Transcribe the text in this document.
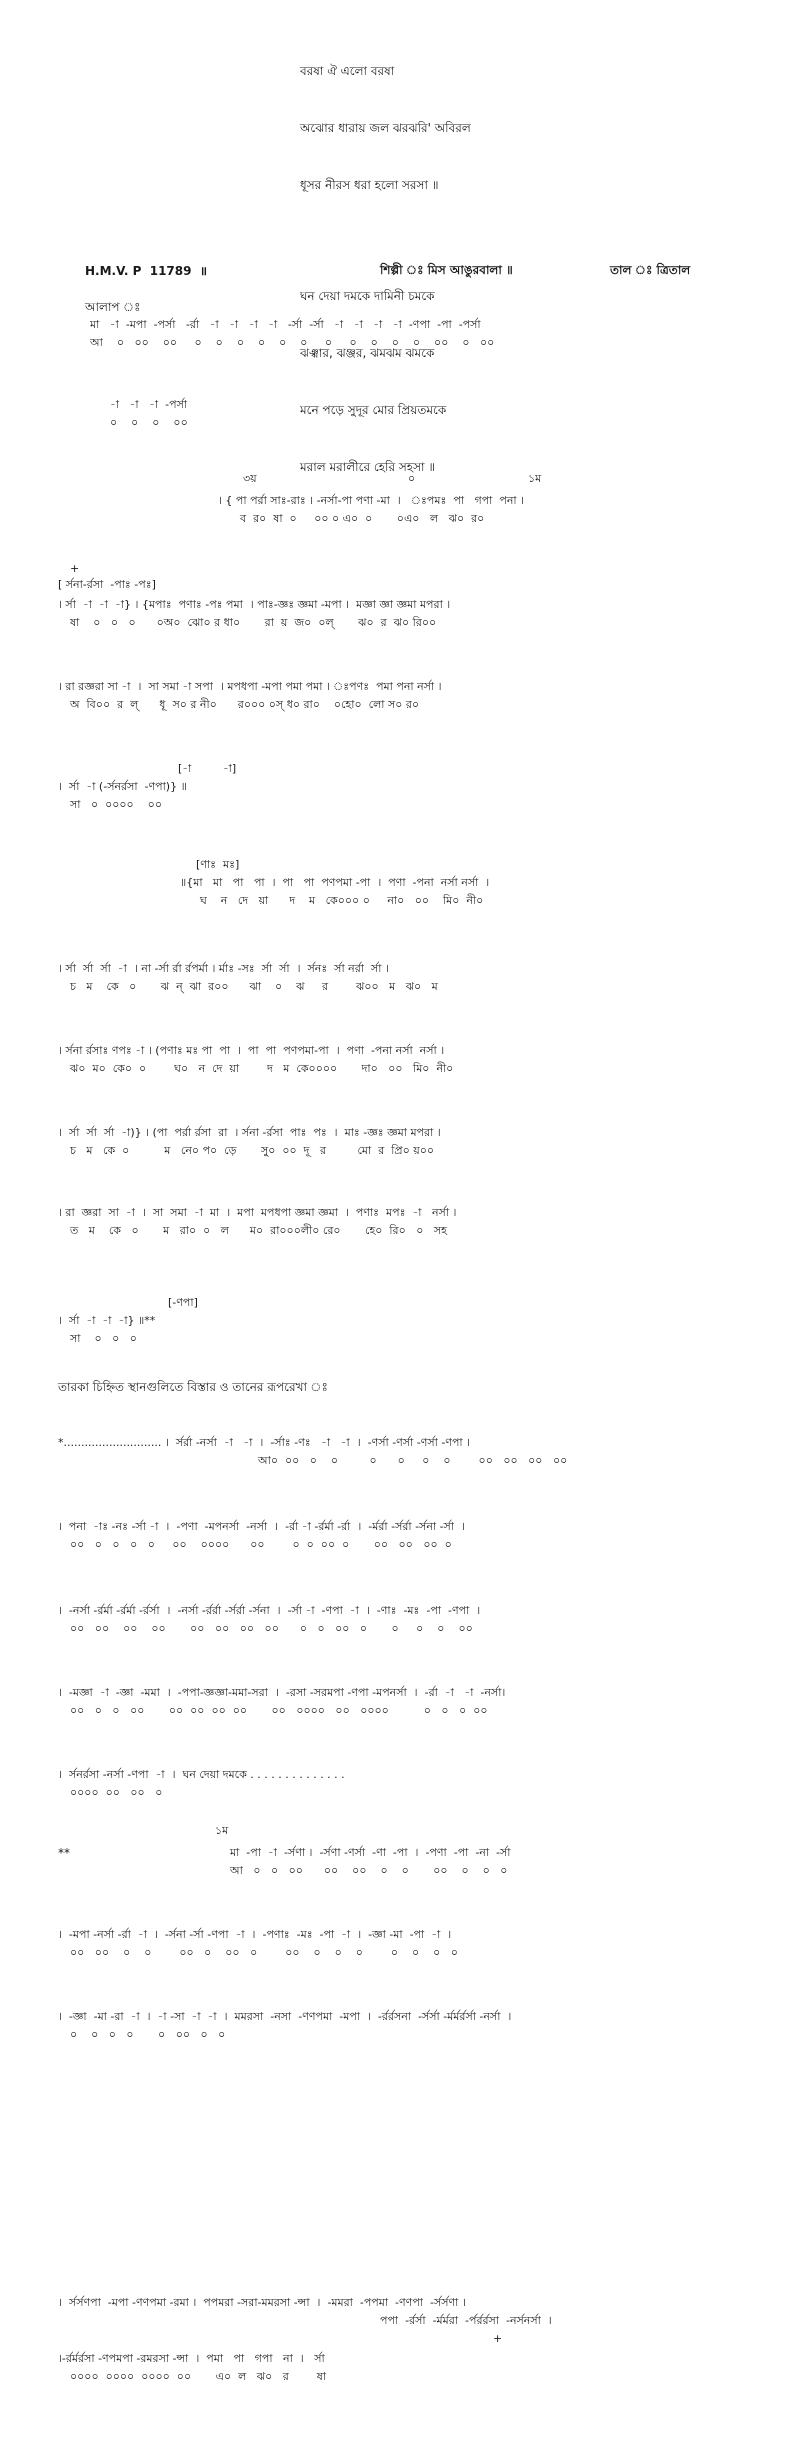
বরষা ঐ এলো বরষা

অঝোর ধারায় জল ঝরঝরি' অবিরল

ধূসর নীরস ধরা হলো সরসা ॥

ঘন দেয়া দমকে দামিনী চমকে

ঝঞ্ঝার, ঝঞ্জর, ঝমঝম ঝমকে

মনে পড়ে সুদূর মোর প্রিয়তমকে

মরাল মরালীরে হেরি সহসা ॥

H.M.V. P  11789  ॥	শিল্পী ঃ মিস আঙুরবালা ॥	তাল ঃ ত্রিতাল
আলাপ ঃ
মা   -া  -মপা  -পর্সা   -র্রা   -া   -া   -া   -া   -র্সা  -র্সা   -া   -া   -া   -া  -ণপা  -পা  -পর্সা
আ    ০   ০০    ০০     ০    ০    ০    ০    ০    ০     ০     ০    ০    ০    ০    ০০    ০   ০০
-া   -া   -া  -পর্সা
০    ০    ০    ০০
৩য়	০	১ম
। { পা পর্রা সাঃ-রাঃ । -নর্সা-পা পণা -মা  ।   ঃপমঃ  পা   গপা  পনা ।
ব  র০  ষা  ০     ০০ ০ এ০  ০       ০এ০   ল   ঝ০  র০
+
[ র্সনা-র্রসা  -পাঃ -পঃ]
। র্সা  -া  -া  -া} । {মপাঃ  পণাঃ -পঃ পমা  । পাঃ-জ্ঞঃ জ্ঞমা -মপা ।  মজ্ঞা জ্ঞা জ্ঞমা মপরা ।
ষা    ০   ০   ০      ০অ০  ঝো০ র ধা০       রা  য়  জ০  ০ল্       ঝ০  র  ঝ০ রি০০
। রা রজ্ঞরা সা -া  ।  সা সমা -া সপা  । মপধপা -মপা পমা পমা । ঃপণঃ  পমা পনা নর্সা ।
অ  বি০০  র  ল্      ধূ  স০ র নী০      র০০০ ০স্ ধ০ রা০    ০হো০  লো স০ র০
[-া         -া]
।  র্সা  -া (-র্সনর্রসা  -ণপা)} ॥
সা   ০  ০০০০    ০০
[ণাঃ  মঃ]
॥{মা   মা   পা   পা  ।  পা   পা  পণপমা -পা  ।  পণা  -পনা  নর্সা নর্সা  ।
ঘ    ন   দে   য়া      দ    ম   কে০০০ ০     না০   ০০    মি০  নী০
। র্সা  র্সা  র্সা  -া  । না -র্সা র্রা র্রপর্মা । র্মাঃ -সঃ  র্সা  র্সা  ।  র্সনঃ  র্সা নর্রা  র্সা ।
চ   ম    কে   ০       ঝ  ন্  ঝা  র০০      ঝা    ০    ঝ     র        ঝ০০   ম   ঝ০   ম
। র্সনা র্রসাঃ ণপঃ -া । (পণাঃ মঃ পা  পা  ।  পা  পা  পণপমা-পা  ।  পণা  -পনা নর্সা  নর্সা ।
ঝ০  ম০  কে০  ০        ঘ০   ন  দে  য়া        দ   ম  কে০০০০       দা০   ০০   মি০  নী০
।  র্সা  র্সা  র্সা  -া)} । (পা  পর্রা র্রসা  রা  । র্সনা -র্রসা  পাঃ  পঃ  ।  মাঃ -জ্ঞঃ জ্ঞমা মপরা ।
চ   ম   কে  ০          ম   নে০ প০  ড়ে       সু০  ০০  দূ   র         মো  র  প্রি০ য়০০
। রা  জ্ঞরা  সা  -া  ।  সা  সমা  -া  মা  ।  মপা  মপধপা জ্ঞমা জ্ঞমা  ।  পণাঃ  মপঃ  -া   নর্সা ।
ত   ম    কে   ০       ম   রা০  ০   ল      ম০  রা০০০লী০ রে০       হে০  রি০   ০   সহ
[-ণপা]
।  র্সা  -া  -া  -া} ॥**
সা    ০   ০   ০
তারকা চিহ্নিত স্থানগুলিতে বিস্তার ও তানের রূপরেখা ঃ
*............................ ।  র্সর্রা -নর্সা  -া   -া  ।  -র্সাঃ -ণঃ   -া   -া  ।  -ণর্সা -ণর্সা -ণর্সা -ণপা ।
আ০  ০০   ০    ০         ০      ০     ০    ০        ০০   ০০   ০০   ০০
।  পনা  -াঃ -নঃ -র্সা -া  ।  -পণা  -মপনর্সা  -নর্সা  ।  -র্রা -া -র্রর্মা -র্রা  ।  -র্মর্রা -র্সর্রা -র্সনা -র্সা  ।
০০   ০   ০   ০   ০     ০০    ০০০০      ০০        ০  ০  ০০  ০       ০০   ০০   ০০  ০
।  -নর্সা -র্রর্মা -র্রর্মা -র্রর্সা  ।  -নর্সা -র্রর্রা -র্সর্রা -র্সনা  ।  -র্সা -া  -ণপা  -া  ।  -ণাঃ  -মঃ  -পা  -ণপা  ।
০০   ০০    ০০    ০০       ০০   ০০   ০০   ০০      ০   ০   ০০   ০       ০     ০    ০    ০০
।  -মজ্ঞা  -া  -জ্ঞা  -মমা  ।  -পপা-জ্ঞজ্ঞা-মমা-সরা  ।  -রসা -সরমপা -ণপা -মপনর্সা  ।  -র্রা  -া   -া  -নর্সা।
০০   ০   ০   ০০       ০০  ০০  ০০  ০০       ০০   ০০০০   ০০   ০০০০          ০   ০   ০  ০০
।  র্সনর্রসা -নর্সা -ণপা  -া  ।  ঘন দেয়া দমকে . . . . . . . . . . . . . .
০০০০  ০০   ০০   ০
১ম
**	মা  -পা  -া  -র্সণা ।  -র্সণা -ণর্সা  -ণা  -পা  ।  -পণা  -পা  -না  -র্সা
আ   ০   ০   ০০      ০০    ০০    ০    ০       ০০    ০    ০   ০
।  -মপা -নর্সা -র্রা  -া  ।  -র্সনা -র্সা -ণপা  -া  ।  -পণাঃ  -মঃ  -পা  -া  ।  -জ্ঞা -মা  -পা  -া  ।
০০   ০০    ০    ০        ০০   ০    ০০   ০        ০০    ০    ০    ০        ০    ০    ০   ০
।  -জ্ঞা  -মা -রা  -া  ।  -া -সা  -া  -া  ।  মমরসা  -নসা  -ণণপমা  -মপা  ।  -র্রর্রসনা  -র্সর্সা -র্মর্মর্রর্সা -নর্সা  ।
০    ০   ০   ০       ০   ০০   ০   ০
।  র্সর্সণপা  -মপা -ণণপমা -রমা ।  পপমরা -সরা-মমরসা -ন্সা  ।  -মমরা  -পপমা  -ণণপা  -র্সর্সণা ।
পপা  -র্রর্সা  -র্মর্মরা  -র্পর্রর্রসা  -নর্সনর্সা  ।
+
।-র্রর্মর্রসা -ণপমপা -রমরসা -ন্সা  ।  পমা   পা   গপা   না  ।   র্সা
০০০০  ০০০০  ০০০০  ০০       এ০  ল   ঝ০   র        ষা
